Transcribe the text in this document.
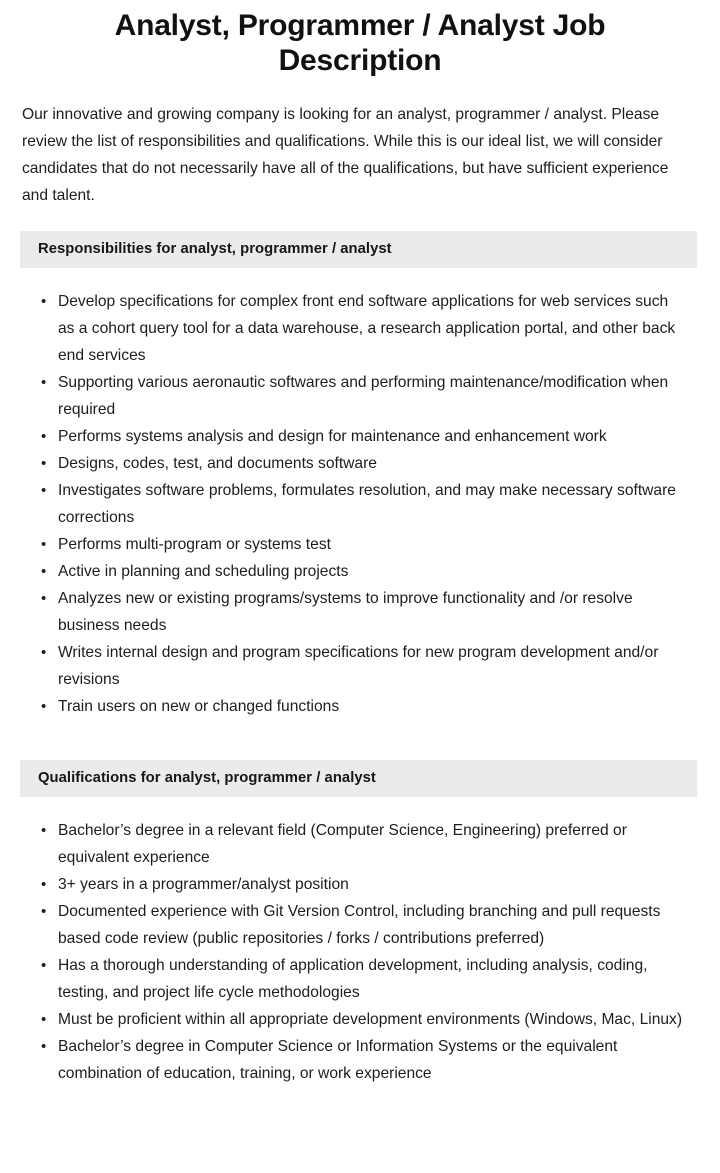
Analyst, Programmer / Analyst Job Description

Our innovative and growing company is looking for an analyst, programmer / analyst. Please review the list of responsibilities and qualifications. While this is our ideal list, we will consider candidates that do not necessarily have all of the qualifications, but have sufficient experience and talent.

Responsibilities for analyst, programmer / analyst
• Develop specifications for complex front end software applications for web services such as a cohort query tool for a data warehouse, a research application portal, and other back end services
• Supporting various aeronautic softwares and performing maintenance/modification when required
• Performs systems analysis and design for maintenance and enhancement work
• Designs, codes, test, and documents software
• Investigates software problems, formulates resolution, and may make necessary software corrections
• Performs multi-program or systems test
• Active in planning and scheduling projects
• Analyzes new or existing programs/systems to improve functionality and /or resolve business needs
• Writes internal design and program specifications for new program development and/or revisions
• Train users on new or changed functions
Qualifications for analyst, programmer / analyst
• Bachelor’s degree in a relevant field (Computer Science, Engineering) preferred or equivalent experience
• 3+ years in a programmer/analyst position
• Documented experience with Git Version Control, including branching and pull requests based code review (public repositories / forks / contributions preferred)
• Has a thorough understanding of application development, including analysis, coding, testing, and project life cycle methodologies
• Must be proficient within all appropriate development environments (Windows, Mac, Linux)
• Bachelor’s degree in Computer Science or Information Systems or the equivalent combination of education, training, or work experience
